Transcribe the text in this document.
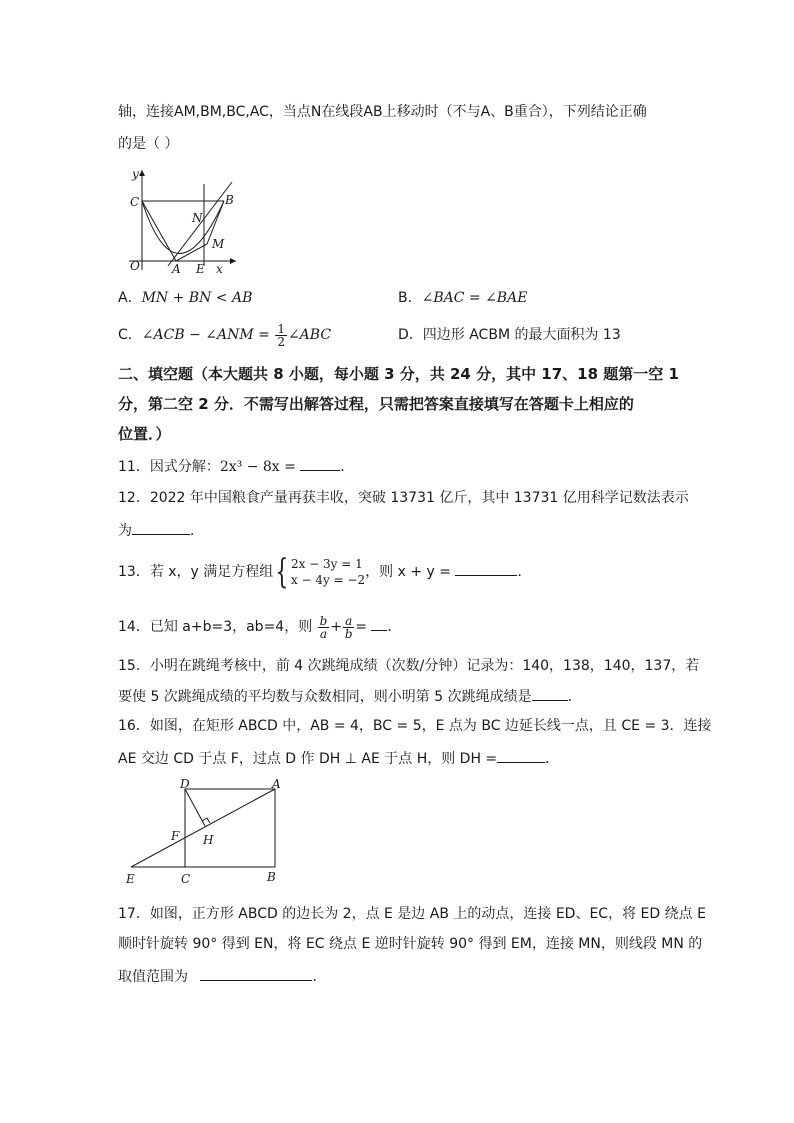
轴，连接AM,BM,BC,AC，当点N在线段AB上移动时（不与A、B重合），下列结论正确
的是（ ）
y
C	B
N
M
O	A E x
A．MN + BN < AB	B．∠BAC = ∠BAE
C．∠ACB − ∠ANM = $\frac{1}{2}$ ∠ABC	D．四边形 ACBM 的最大面积为 13
二、填空题（本大题共 8 小题，每小题 3 分，共 24 分，其中 17、18 题第一空 1
分，第二空 2 分．不需写出解答过程，只需把答案直接填写在答题卡上相应的
位置．）
11．因式分解：2x³ − 8x =	．
12．2022 年中国粮食产量再获丰收，突破 13731 亿斤，其中 13731 亿用科学记数法表示
为	．
13．若 x，y 满足方程组{ 2x − 3y = 1
x − 4y = −2 ，则 x + y =	．
14．已知 a+b=3，ab=4，则 $\frac{b}{a} + \frac{a}{b}$ = ．
15．小明在跳绳考核中，前 4 次跳绳成绩（次数/分钟）记录为：140，138，140，137，若
要使 5 次跳绳成绩的平均数与众数相同，则小明第 5 次跳绳成绩是	．
16．如图，在矩形 ABCD 中，AB = 4，BC = 5，E 点为 BC 边延长线一点，且 CE = 3．连接
AE 交边 CD 于点 F，过点 D 作 DH ⊥ AE 于点 H，则 DH =	．
D	A
F H
E	C	B
17．如图，正方形 ABCD 的边长为 2，点 E 是边 AB 上的动点，连接 ED、EC，将 ED 绕点 E
顺时针旋转 90° 得到 EN，将 EC 绕点 E 逆时针旋转 90° 得到 EM，连接 MN，则线段 MN 的
取值范围为	．
